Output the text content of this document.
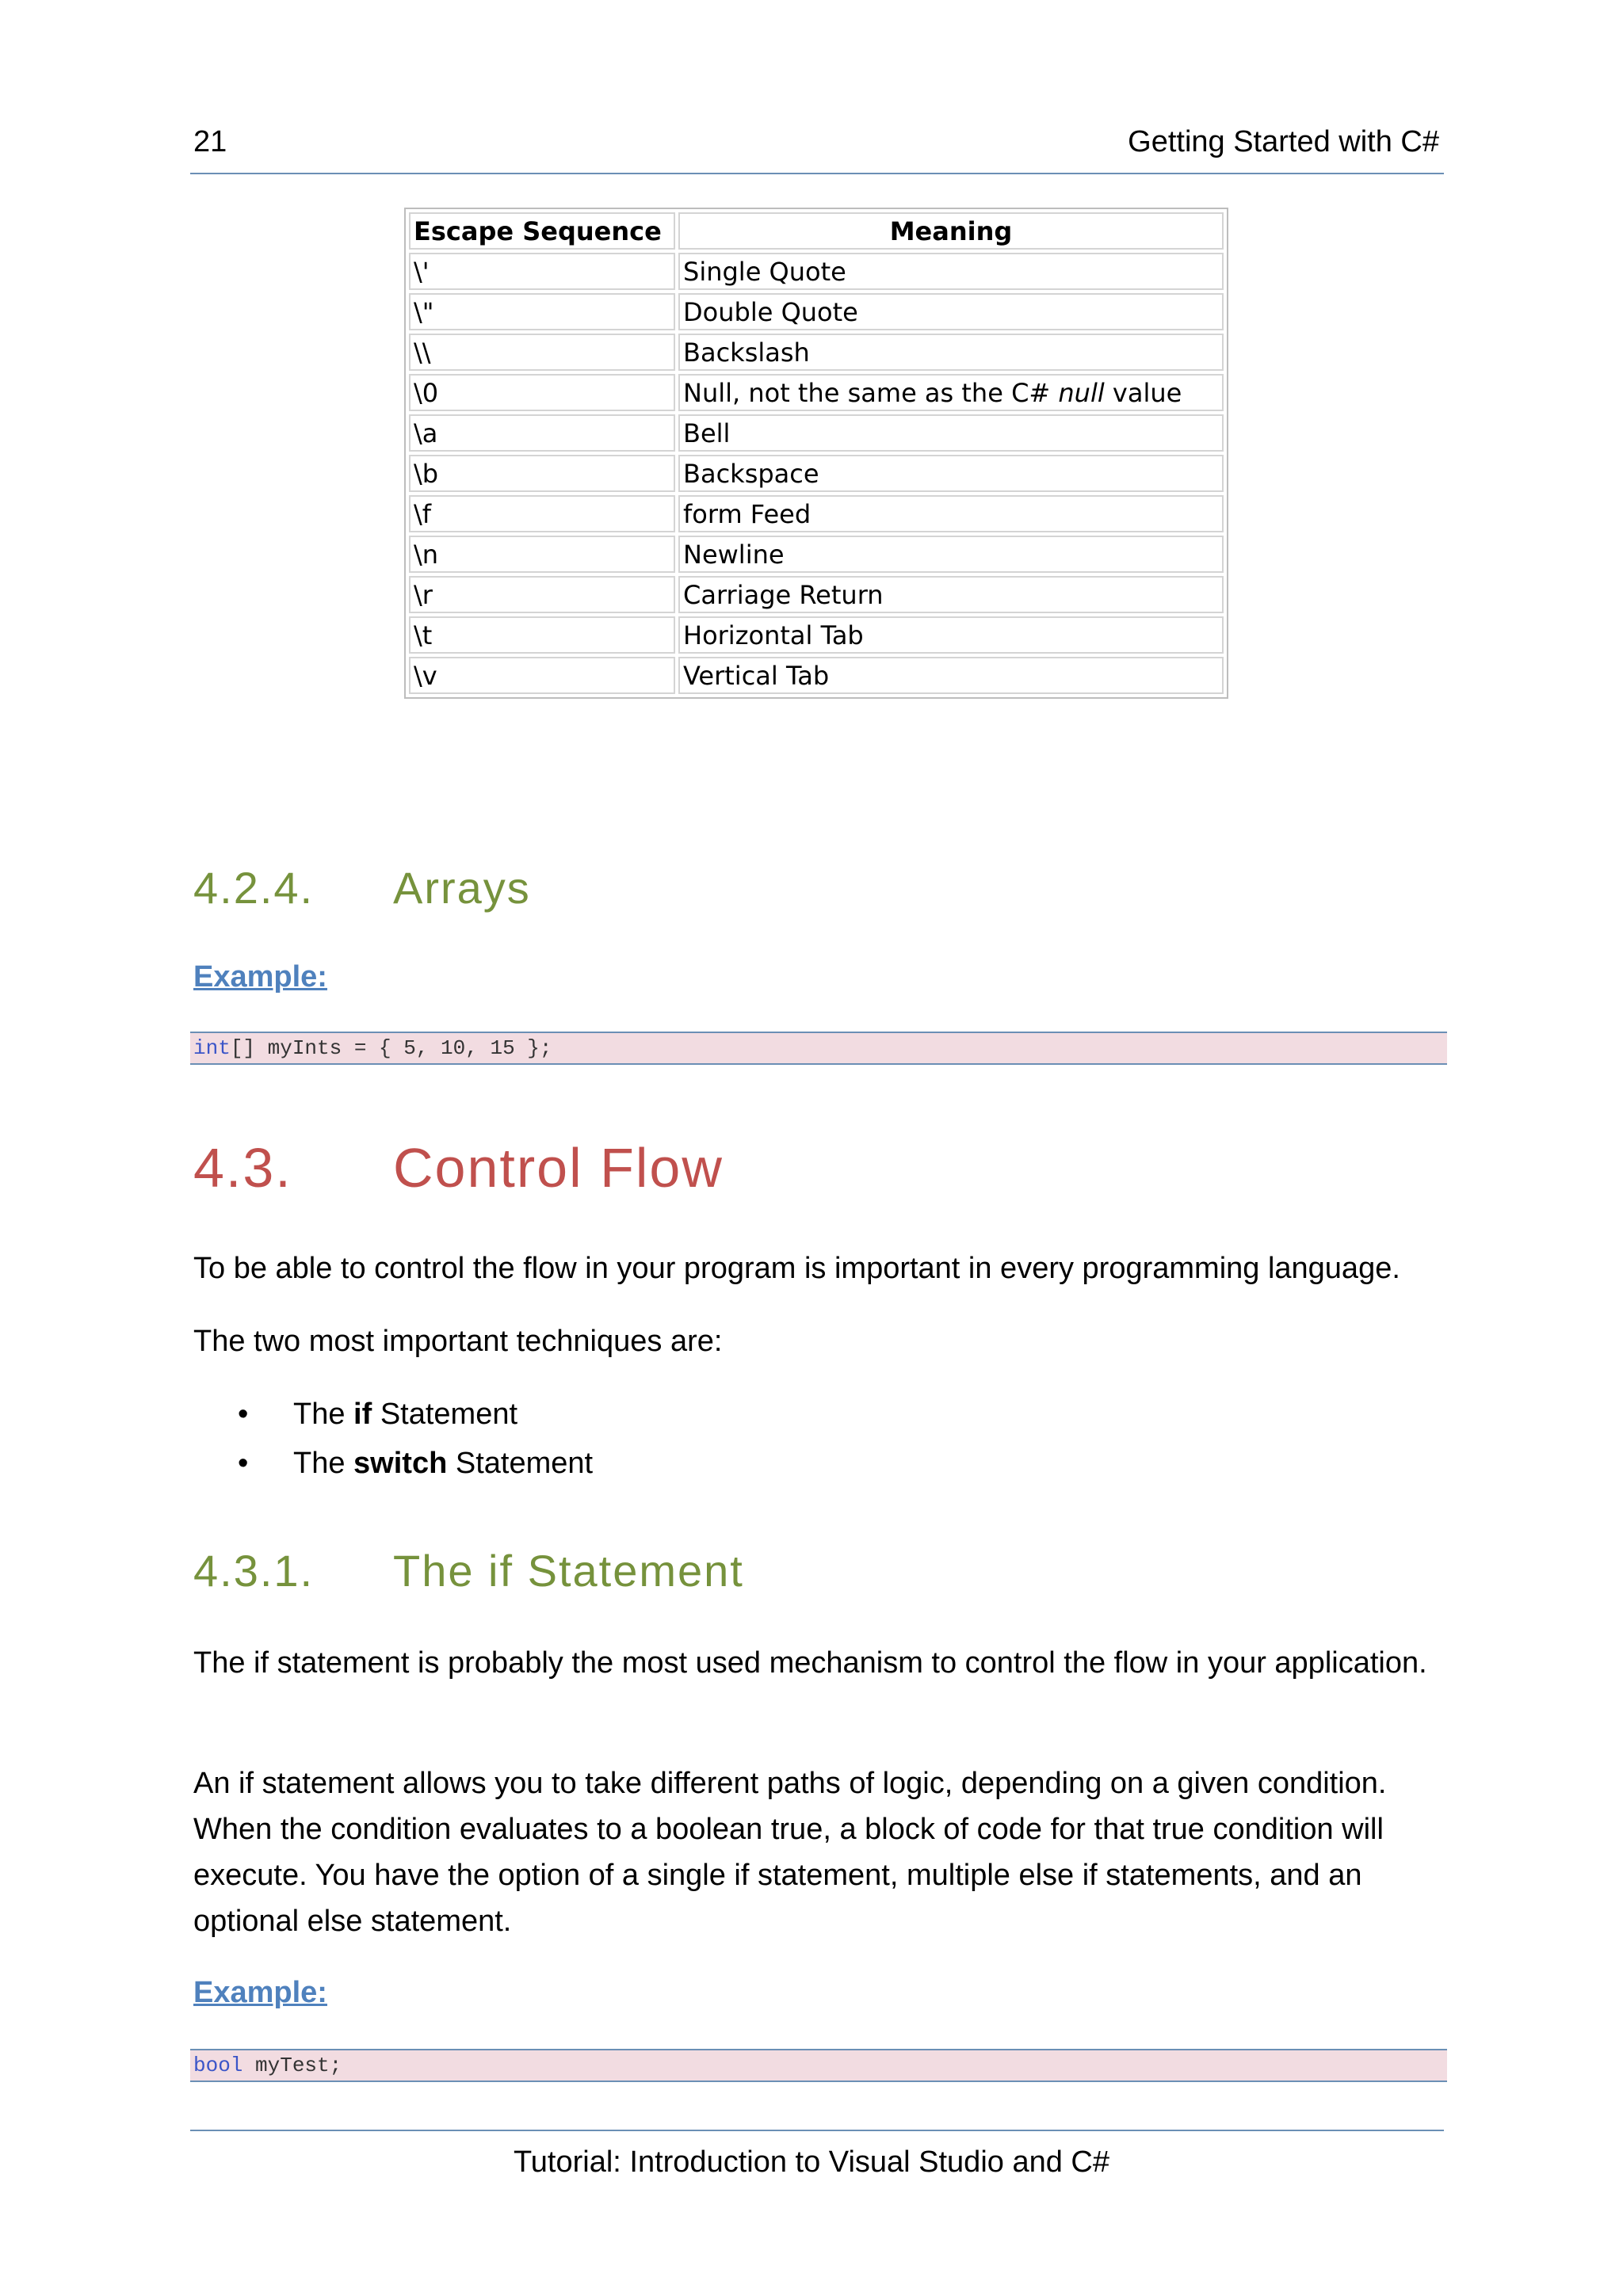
21	Getting Started with C#
Escape Sequence	Meaning
\'	Single Quote
\"	Double Quote
\\	Backslash
\0	Null, not the same as the C# null value
\a	Bell
\b	Backspace
\f	form Feed
\n	Newline
\r	Carriage Return
\t	Horizontal Tab
\v	Vertical Tab
4.2.4. Arrays
Example:
int[] myInts = { 5, 10, 15 };
4.3. Control Flow
To be able to control the flow in your program is important in every programming language.
The two most important techniques are:
• The if Statement
• The switch Statement
4.3.1. The if Statement
The if statement is probably the most used mechanism to control the flow in your application.
An if statement allows you to take different paths of logic, depending on a given condition. When the condition evaluates to a boolean true, a block of code for that true condition will execute. You have the option of a single if statement, multiple else if statements, and an optional else statement.
Example:
bool myTest;
Tutorial: Introduction to Visual Studio and C#
